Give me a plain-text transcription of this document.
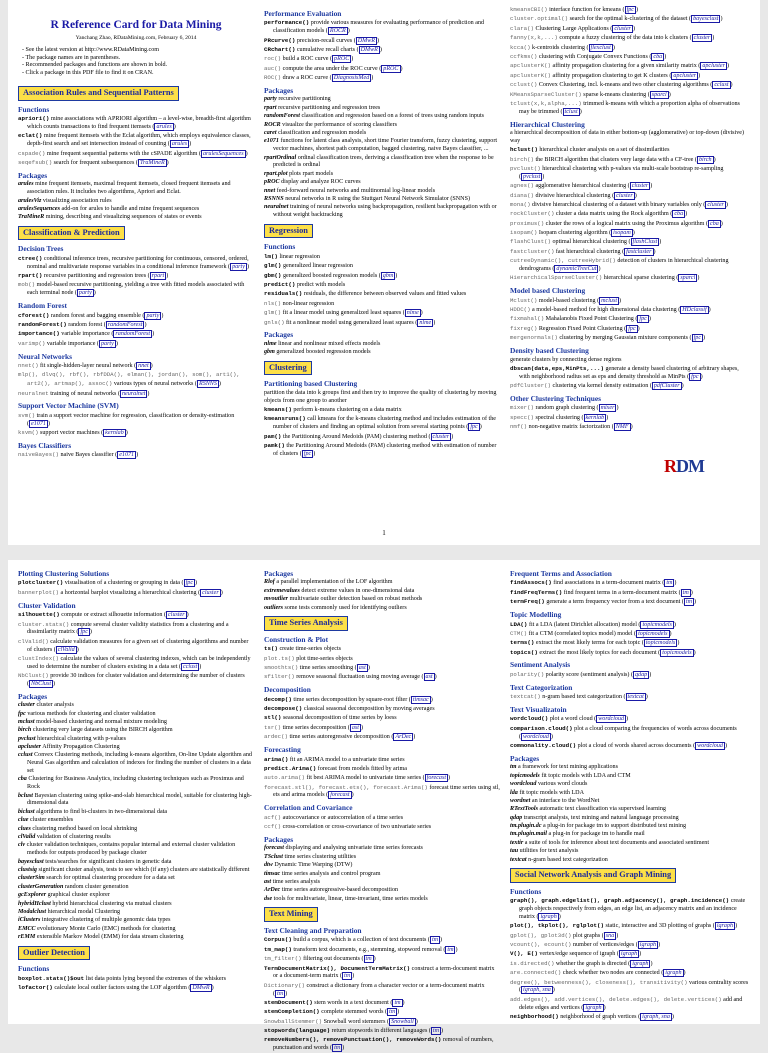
R Reference Card for Data Mining
Yanchang Zhao, RDataMining.com, February 6, 2014
- See the latest version at http://www.RDataMining.com
- The package names are in parentheses.
- Recommended packages and functions are shown in bold.
- Click a package in this PDF file to find it on CRAN.
Association Rules and Sequential Patterns
Functions
apriori() mine associations with APRIORI algorithm – a level-wise, breadth-first algorithm which counts transactions to find frequent itemsets ( arules )
eclat() mine frequent itemsets with the Eclat algorithm, which employs equivalence classes, depth-first search and set intersection instead of counting ( arules )
cspade() mine frequent sequential patterns with the cSPADE algorithm ( arulesSequences )
seqefsub() search for frequent subsequences ( TraMineR )
Packages
arules mine frequent itemsets, maximal frequent itemsets, closed frequent itemsets and association rules. It includes two algorithms, Apriori and Eclat.
arulesViz visualizing association rules
arulesSequences add-on for arules to handle and mine frequent sequences
TraMineR mining, describing and visualizing sequences of states or events
Classification & Prediction
Decision Trees
ctree() conditional inference trees, recursive partitioning for continuous, censored, ordered, nominal and multivariate response variables in a conditional inference framework ( party )
rpart() recursive partitioning and regression trees ( rpart )
mob() model-based recursive partitioning, yielding a tree with fitted models associated with each terminal node ( party )
Random Forest
cforest() random forest and bagging ensemble ( party )
randomForest() random forest ( randomForest )
importance() variable importance ( randomForest )
varimp() variable importance ( party )
Neural Networks
nnet() fit single-hidden-layer neural network ( nnet )
mlp(), dlvq(), rbf(), rbfDDA(), elman(), jordan(), som(), art1(), art2(), artmap(), assoc() various types of neural networks ( RSNNS )
neuralnet training of neural networks ( neuralnet )
Support Vector Machine (SVM)
svm() train a support vector machine for regression, classification or density-estimation ( e1071 )
ksvm() support vector machines ( kernlab )
Bayes Classifiers
naiveBayes() naive Bayes classifier ( e1071 )
Performance Evaluation
performance() provide various measures for evaluating performance of prediction and classification models ( ROCR )
PRcurve() precision-recall curves ( DMwR )
CRchart() cumulative recall charts ( DMwR )
roc() build a ROC curve ( pROC )
auc() compute the area under the ROC curve ( pROC )
ROC() draw a ROC curve ( DiagnosisMed )
Packages
party recursive partitioning
rpart recursive partitioning and regression trees
randomForest classification and regression based on a forest of trees using random inputs
ROCR visualize the performance of scoring classifiers
caret classification and regression models
e1071 functions for latent class analysis, short time Fourier transform, fuzzy clustering, support vector machines, shortest path computation, bagged clustering, naive Bayes classifier, ...
rpartOrdinal ordinal classification trees, deriving a classification tree when the response to be predicted is ordinal
rpart.plot plots rpart models
pROC display and analyze ROC curves
nnet feed-forward neural networks and multinomial log-linear models
RSNNS neural networks in R using the Stuttgart Neural Network Simulator (SNNS)
neuralnet training of neural networks using backpropagation, resilient backpropagation with or without weight backtracking
Regression
Functions
lm() linear regression
glm() generalized linear regression
gbm() generalized boosted regression models ( gbm )
predict() predict with models
residuals() residuals, the difference between observed values and fitted values
nls() non-linear regression
glm() fit a linear model using generalized least squares ( nlme )
gnls() fit a nonlinear model using generalized least squares ( nlme )
Packages
nlme linear and nonlinear mixed effects models
gbm generalized boosted regression models
Clustering
Partitioning based Clustering
partition the data into k groups first and then try to improve the quality of clustering by moving objects from one group to another
kmeans() perform k-means clustering on a data matrix
kmeansruns() call kmeans for the k-means clustering method and includes estimation of the number of clusters and finding an optimal solution from several starting points ( fpc )
pam() the Partitioning Around Medoids (PAM) clustering method ( cluster )
pamk() the Partitioning Around Medoids (PAM) clustering method with estimation of number of clusters ( fpc )
kmeansCBI() interface function for kmeans ( fpc )
cluster.optimal() search for the optimal k-clustering of the dataset ( bayesclust )
clara() Clustering Large Applications ( cluster )
fanny(x,k,...) compute a fuzzy clustering of the data into k clusters ( cluster )
kcca() k-centroids clustering ( flexclust )
ccfkms() clustering with Conjugate Convex Functions ( cba )
apclusterK() affinity propagation clustering for a given similarity matrix ( apcluster )
apclusterK() affinity propagation clustering to get K clusters ( apcluster )
cclust() Convex Clustering, incl. k-means and two other clustering algorithms ( cclust )
KMeansSparseCluster() sparse k-means clustering ( sparcl )
tclust(x,k,alpha,...) trimmed k-means with which a proportion alpha of observations may be trimmed ( tclust )
Hierarchical Clustering
a hierarchical decomposition of data in either bottom-up (agglomerative) or top-down (divisive) way
hclust() hierarchical cluster analysis on a set of dissimilarities
birch() the BIRCH algorithm that clusters very large data with a CF-tree ( birch )
pvclust() hierarchical clustering with p-values via multi-scale bootstrap re-sampling ( pvclust )
agnes() agglomerative hierarchical clustering ( cluster )
diana() divisive hierarchical clustering ( cluster )
mona() divisive hierarchical clustering of a dataset with binary variables only ( cluster )
rockCluster() cluster a data matrix using the Rock algorithm ( cba )
proximus() cluster the rows of a logical matrix using the Proximus algorithm ( cba )
isopam() Isopam clustering algorithm ( isopam )
flashClust() optimal hierarchical clustering ( flashClust )
fastcluster() fast hierarchical clustering ( fastcluster )
cutreeDynamic(), cutreeHybrid() detection of clusters in hierarchical clustering dendrograms ( dynamicTreeCut )
HierarchicalSparseCluster() hierarchical sparse clustering ( sparcl )
Model based Clustering
Mclust() model-based clustering ( mclust )
HDDC() a model-based method for high dimensional data clustering ( HDclassif )
fixmahal() Mahalanobis Fixed Point Clustering ( fpc )
fixreg() Regression Fixed Point Clustering ( fpc )
mergenormals() clustering by merging Gaussian mixture components ( fpc )
Density based Clustering
generate clusters by connecting dense regions
dbscan(data,eps,MinPts,...) generate a density based clustering of arbitrary shapes, with neighborhood radius set as eps and density threshold as MinPts ( fpc )
pdfCluster() clustering via kernel density estimation ( pdfCluster )
Other Clustering Techniques
mixer() random graph clustering ( mixer )
specc() spectral clustering ( kernlab )
nmf() non-negative matrix factorization ( NMF )
RDM
1
Plotting Clustering Solutions
plotcluster() visualisation of a clustering or grouping in data ( fpc )
bannerplot() a horizontal barplot visualizing a hierarchical clustering ( cluster )
Cluster Validation
silhouette() compute or extract silhouette information ( cluster )
cluster.stats() compute several cluster validity statistics from a clustering and a dissimilarity matrix ( fpc )
clValid() calculate validation measures for a given set of clustering algorithms and number of clusters ( clValid )
clustIndex() calculate the values of several clustering indexes, which can be independently used to determine the number of clusters existing in a data set ( cclust )
NbClust() provide 30 indices for cluster validation and determining the number of clusters ( NbClust )
Packages
cluster cluster analysis
fpc various methods for clustering and cluster validation
mclust model-based clustering and normal mixture modeling
birch clustering very large datasets using the BIRCH algorithm
pvclust hierarchical clustering with p-values
apcluster Affinity Propagation Clustering
cclust Convex Clustering methods, including k-means algorithm, On-line Update algorithm and Neural Gas algorithm and calculation of indexes for finding the number of clusters in a data set
cba Clustering for Business Analytics, including clustering techniques such as Proximus and Rock
bclust Bayesian clustering using spike-and-slab hierarchical model, suitable for clustering high-dimensional data
biclust algorithms to find bi-clusters in two-dimensional data
clue cluster ensembles
clues clustering method based on local shrinking
clValid validation of clustering results
clv cluster validation techniques, contains popular internal and external cluster validation methods for outputs produced by package cluster
bayesclust tests/searches for significant clusters in genetic data
clustsig significant cluster analysis, tests to see which (if any) clusters are statistically different
clusterSim search for optimal clustering procedure for a data set
clusterGeneration random cluster generation
gcExplorer graphical cluster explorer
hybridHclust hybrid hierarchical clustering via mutual clusters
Modalclust hierarchical modal Clustering
iClusters integrative clustering of multiple genomic data types
EMCC evolutionary Monte Carlo (EMC) methods for clustering
rEMM extensible Markov Model (EMM) for data stream clustering
Outlier Detection
Functions
boxplot.stats()$out list data points lying beyond the extremes of the whiskers
lofactor() calculate local outlier factors using the LOF algorithm ( DMwR )
Packages
Rlof a parallel implementation of the LOF algorithm
extremevalues detect extreme values in one-dimensional data
mvoutlier multivariate outlier detection based on robust methods
outliers some tests commonly used for identifying outliers
Time Series Analysis
Construction & Plot
ts() create time-series objects
plot.ts() plot time-series objects
smoothts() time series smoothing ( ast )
sfilter() remove seasonal fluctuation using moving average ( ast )
Decomposition
decomp() time series decomposition by square-root filter ( timsac )
decompose() classical seasonal decomposition by moving averages
stl() seasonal decomposition of time series by loess
tsr() time series decomposition ( ast )
ardec() time series autoregressive decomposition ( ArDec )
Forecasting
arima() fit an ARIMA model to a univariate time series
predict.Arima() forecast from models fitted by arima
auto.arima() fit best ARIMA model to univariate time series ( forecast )
forecast.stl(), forecast.ets(), forecast.Arima() forecast time series using stl, ets and arima models ( forecast )
Correlation and Covariance
acf() autocovariance or autocorrelation of a time series
ccf() cross-correlation or cross-covariance of two univariate series
Packages
forecast displaying and analysing univariate time series forecasts
TSclust time series clustering utilities
dtw Dynamic Time Warping (DTW)
timsac time series analysis and control program
ast time series analysis
ArDec time series autoregressive-based decomposition
dse tools for multivariate, linear, time-invariant, time series models
Text Mining
Text Cleaning and Preparation
Corpus() build a corpus, which is a collection of text documents ( tm )
tm_map() transform text documents, e.g., stemming, stopword removal ( tm )
tm_filter() filtering out documents ( tm )
TermDocumentMatrix(), DocumentTermMatrix() construct a term-document matrix or a document-term matrix ( tm )
Dictionary() construct a dictionary from a character vector or a term-document matrix ( tm )
stemDocument() stem words in a text document ( tm )
stemCompletion() complete stemmed words ( tm )
SnowballStemmer() Snowball word stemmers ( Snowball )
stopwords(language) return stopwords in different languages ( tm )
removeNumbers(), removePunctuation(), removeWords() removal of numbers, punctuation and words ( tm )
Frequent Terms and Association
findAssocs() find associations in a term-document matrix ( tm )
findFreqTerms() find frequent terms in a term-document matrix ( tm )
termFreq() generate a term frequency vector from a text document ( tm )
Topic Modelling
LDA() fit a LDA (latent Dirichlet allocation) model ( topicmodels )
CTM() fit a CTM (correlated topics model) model ( topicmodels )
terms() extract the most likely terms for each topic ( topicmodels )
topics() extract the most likely topics for each document ( topicmodels )
Sentiment Analysis
polarity() polarity score (sentiment analysis) ( qdap )
Text Categorization
textcat() n-gram based text categorization ( textcat )
Text Visualizatoin
wordcloud() plot a word cloud ( wordcloud )
comparison.cloud() plot a cloud comparing the frequencies of words across documents ( wordcloud )
commonality.cloud() plot a cloud of words shared across documents ( wordcloud )
Packages
tm a framework for text mining applications
topicmodels fit topic models with LDA and CTM
wordcloud various word clouds
lda fit topic models with LDA
wordnet an interface to the WordNet
RTextTools automatic text classification via supervised learning
qdap transcript analysis, text mining and natural language processing
tm.plugin.dc a plug-in for package tm to support distributed text mining
tm.plugin.mail a plug-in for package tm to handle mail
textir a suite of tools for inference about text documents and associated sentiment
tau utilities for text analysis
textcat n-gram based text categorization
Social Network Analysis and Graph Mining
Functions
graph(), graph.edgelist(), graph.adjacency(), graph.incidence() create graph objects respectively from edges, an edge list, an adjacency matrix and an incidence matrix ( igraph )
plot(), tkplot(), rglplot() static, interactive and 3D plotting of graphs ( igraph )
gplot(), gplot3d() plot graphs ( sna )
vcount(), ecount() number of vertices/edges ( igraph )
V(), E() vertex/edge sequence of igraph ( igraph )
is.directed() whether the graph is directed ( igraph )
are.connected() check whether two nodes are connected ( igraph )
degree(), betweenness(), closeness(), transitivity() various centrality scores ( igraph, sna )
add.edges(), add.vertices(), delete.edges(), delete.vertices() add and delete edges and vertices ( igraph )
neighborhood() neighborhood of graph vertices ( igraph, sna )
